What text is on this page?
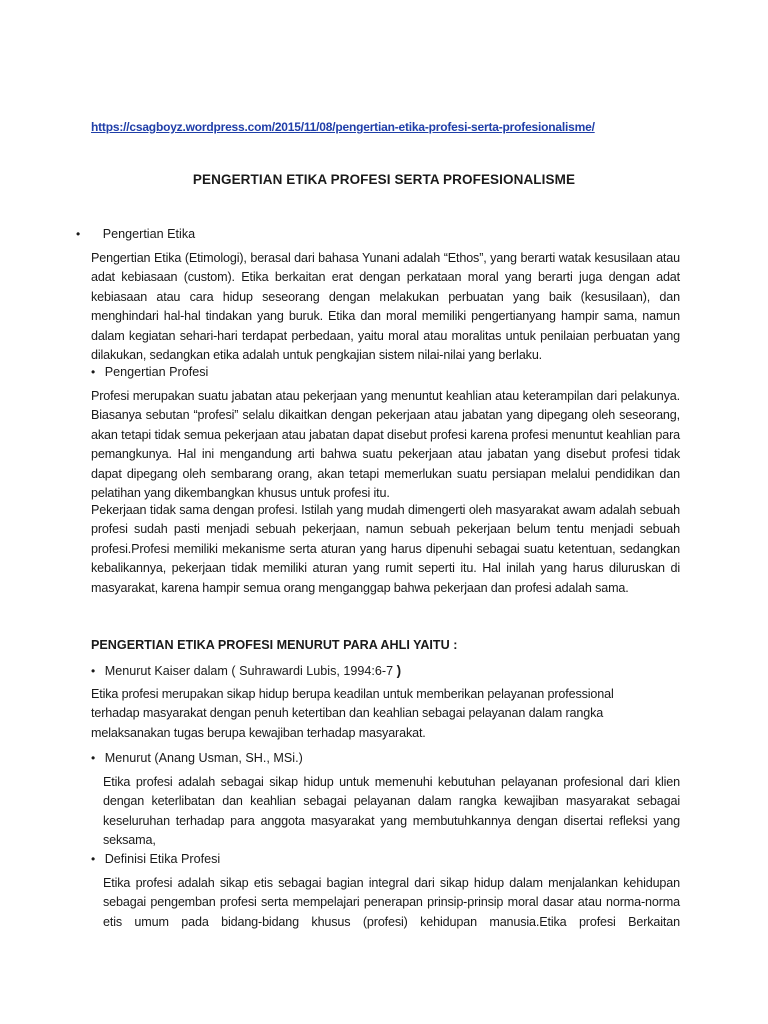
https://csagboyz.wordpress.com/2015/11/08/pengertian-etika-profesi-serta-profesionalisme/
PENGERTIAN ETIKA PROFESI SERTA PROFESIONALISME
• Pengertian Etika
Pengertian Etika (Etimologi), berasal dari bahasa Yunani adalah “Ethos”, yang berarti watak kesusilaan atau adat kebiasaan (custom). Etika berkaitan erat dengan perkataan moral yang berarti juga dengan adat kebiasaan atau cara hidup seseorang dengan melakukan perbuatan yang baik (kesusilaan), dan menghindari hal-hal tindakan yang buruk. Etika dan moral memiliki pengertianyang hampir sama, namun dalam kegiatan sehari-hari terdapat perbedaan, yaitu moral atau moralitas untuk penilaian perbuatan yang dilakukan, sedangkan etika adalah untuk pengkajian sistem nilai-nilai yang berlaku.
• Pengertian Profesi
Profesi merupakan suatu jabatan atau pekerjaan yang menuntut keahlian atau keterampilan dari pelakunya. Biasanya sebutan “profesi” selalu dikaitkan dengan pekerjaan atau jabatan yang dipegang oleh seseorang, akan tetapi tidak semua pekerjaan atau jabatan dapat disebut profesi karena profesi menuntut keahlian para pemangkunya. Hal ini mengandung arti bahwa suatu pekerjaan atau jabatan yang disebut profesi tidak dapat dipegang oleh sembarang orang, akan tetapi memerlukan suatu persiapan melalui pendidikan dan pelatihan yang dikembangkan khusus untuk profesi itu.
Pekerjaan tidak sama dengan profesi. Istilah yang mudah dimengerti oleh masyarakat awam adalah sebuah profesi sudah pasti menjadi sebuah pekerjaan, namun sebuah pekerjaan belum tentu menjadi sebuah profesi.Profesi memiliki mekanisme serta aturan yang harus dipenuhi sebagai suatu ketentuan, sedangkan kebalikannya, pekerjaan tidak memiliki aturan yang rumit seperti itu. Hal inilah yang harus diluruskan di masyarakat, karena hampir semua orang menganggap bahwa pekerjaan dan profesi adalah sama.
PENGERTIAN ETIKA PROFESI MENURUT PARA AHLI YAITU :
• Menurut Kaiser dalam ( Suhrawardi Lubis, 1994:6-7 )
Etika profesi merupakan sikap hidup berupa keadilan untuk memberikan pelayanan professional terhadap masyarakat dengan penuh ketertiban dan keahlian sebagai pelayanan dalam rangka melaksanakan tugas berupa kewajiban terhadap masyarakat.
• Menurut (Anang Usman, SH., MSi.)
Etika profesi adalah sebagai sikap hidup untuk memenuhi kebutuhan pelayanan profesional dari klien dengan keterlibatan dan keahlian sebagai pelayanan dalam rangka kewajiban masyarakat sebagai keseluruhan terhadap para anggota masyarakat yang membutuhkannya dengan disertai refleksi yang seksama,
• Definisi Etika Profesi
Etika profesi adalah sikap etis sebagai bagian integral dari sikap hidup dalam menjalankan kehidupan sebagai pengemban profesi serta mempelajari penerapan prinsip-prinsip moral dasar atau norma-norma etis umum pada bidang-bidang khusus (profesi) kehidupan manusia.Etika profesi Berkaitan
